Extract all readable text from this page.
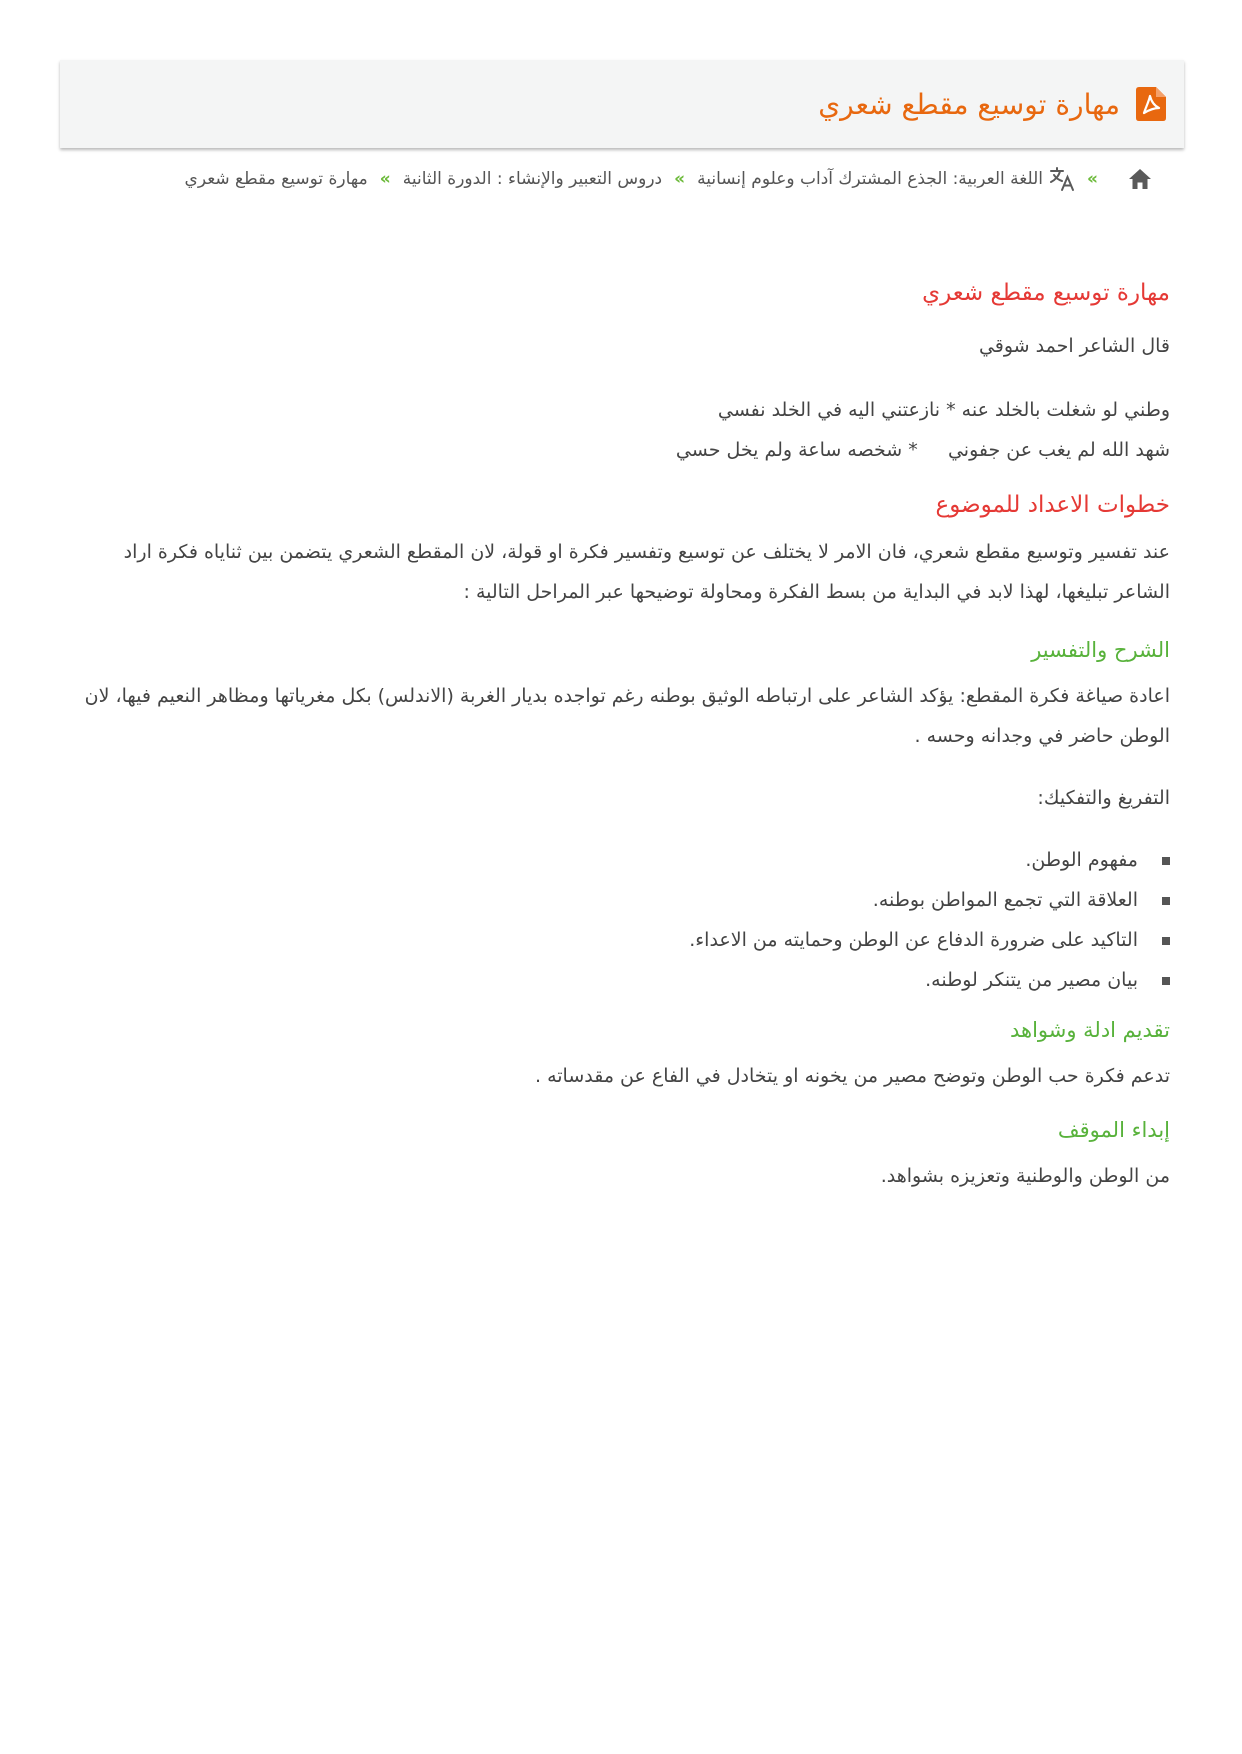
مهارة توسيع مقطع شعري
»
اللغة العربية: الجذع المشترك آداب وعلوم إنسانية
»
دروس التعبير والإنشاء : الدورة الثانية
»
مهارة توسيع مقطع شعري
مهارة توسيع مقطع شعري

قال الشاعر احمد شوقي

وطني لو شغلت بالخلد عنه * نازعتني اليه في الخلد نفسي

شهد الله لم يغب عن جفوني     * شخصه ساعة ولم يخل حسي

خطوات الاعداد للموضوع

عند تفسير وتوسيع مقطع شعري، فان الامر لا يختلف عن توسيع وتفسير فكرة او قولة، لان المقطع الشعري يتضمن بين ثناياه فكرة اراد الشاعر تبليغها، لهذا لابد في البداية من بسط الفكرة ومحاولة توضيحها عبر المراحل التالية :

الشرح والتفسير

اعادة صياغة فكرة المقطع: يؤكد الشاعر على ارتباطه الوثيق بوطنه رغم تواجده بديار الغربة (الاندلس) بكل مغرياتها ومظاهر النعيم فيها، لان الوطن حاضر في وجدانه وحسه .

التفريغ والتفكيك:

مفهوم الوطن.
العلاقة التي تجمع المواطن بوطنه.
التاكيد على ضرورة الدفاع عن الوطن وحمايته من الاعداء.
بيان مصير من يتنكر لوطنه.
تقديم ادلة وشواهد

تدعم فكرة حب الوطن وتوضح مصير من يخونه او يتخادل في الفاع عن مقدساته .

إبداء الموقف

من الوطن والوطنية وتعزيزه بشواهد.
